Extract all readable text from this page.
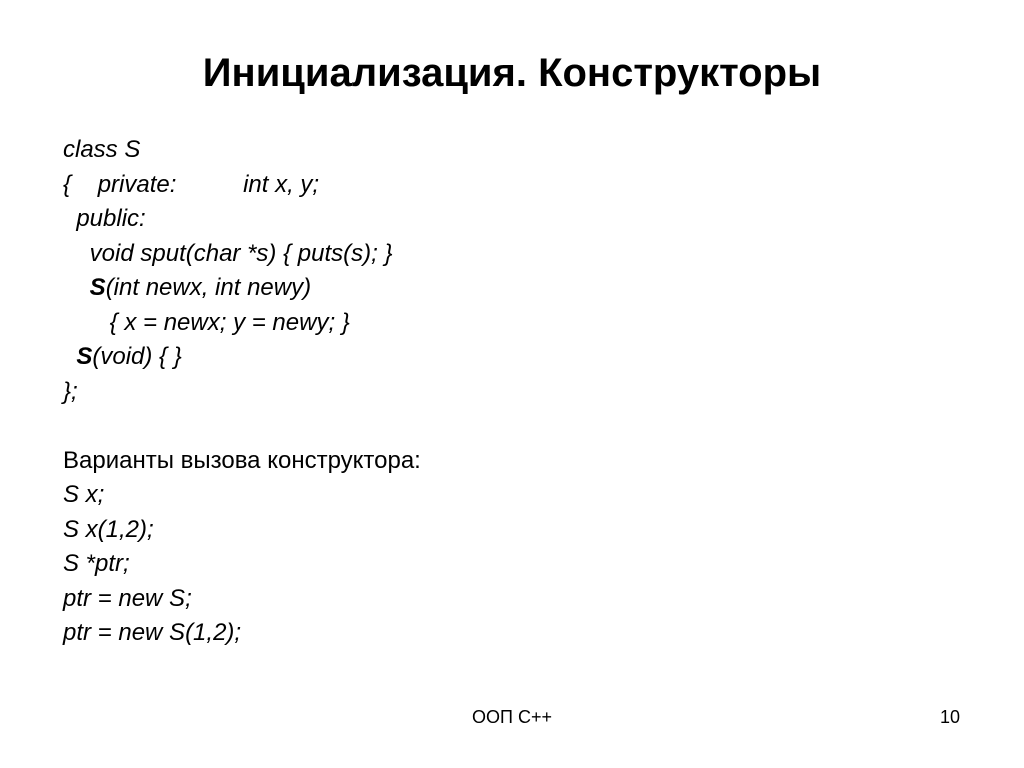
Инициализация. Конструкторы
class S
{    private:          int x, y;
public:
void sput(char *s) { puts(s); }
S(int newx, int newy)
{ x = newx; y = newy; }
S(void) { }
};
Варианты вызова конструктора:
S x;
S x(1,2);
S *ptr;
ptr = new S;
ptr = new S(1,2);
ООП С++	10
